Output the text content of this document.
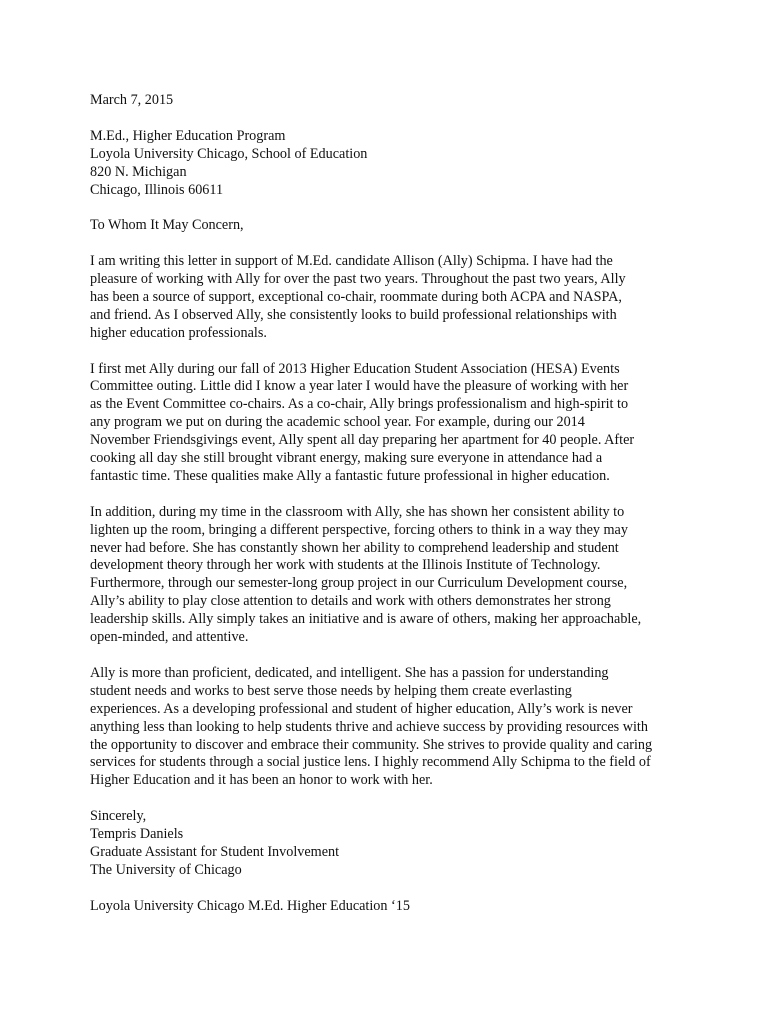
March 7, 2015
M.Ed., Higher Education Program
Loyola University Chicago, School of Education
820 N. Michigan
Chicago, Illinois 60611
To Whom It May Concern,
I am writing this letter in support of M.Ed. candidate Allison (Ally) Schipma. I have had the
pleasure of working with Ally for over the past two years. Throughout the past two years, Ally
has been a source of support, exceptional co-chair, roommate during both ACPA and NASPA,
and friend. As I observed Ally, she consistently looks to build professional relationships with
higher education professionals.
I first met Ally during our fall of 2013 Higher Education Student Association (HESA) Events
Committee outing. Little did I know a year later I would have the pleasure of working with her
as the Event Committee co-chairs. As a co-chair, Ally brings professionalism and high-spirit to
any program we put on during the academic school year. For example, during our 2014
November Friendsgivings event, Ally spent all day preparing her apartment for 40 people. After
cooking all day she still brought vibrant energy, making sure everyone in attendance had a
fantastic time. These qualities make Ally a fantastic future professional in higher education.
In addition, during my time in the classroom with Ally, she has shown her consistent ability to
lighten up the room, bringing a different perspective, forcing others to think in a way they may
never had before. She has constantly shown her ability to comprehend leadership and student
development theory through her work with students at the Illinois Institute of Technology.
Furthermore, through our semester-long group project in our Curriculum Development course,
Ally’s ability to play close attention to details and work with others demonstrates her strong
leadership skills. Ally simply takes an initiative and is aware of others, making her approachable,
open-minded, and attentive.
Ally is more than proficient, dedicated, and intelligent. She has a passion for understanding
student needs and works to best serve those needs by helping them create everlasting
experiences. As a developing professional and student of higher education, Ally’s work is never
anything less than looking to help students thrive and achieve success by providing resources with
the opportunity to discover and embrace their community. She strives to provide quality and caring
services for students through a social justice lens. I highly recommend Ally Schipma to the field of
Higher Education and it has been an honor to work with her.
Sincerely,
Tempris Daniels
Graduate Assistant for Student Involvement
The University of Chicago
Loyola University Chicago M.Ed. Higher Education ‘15
